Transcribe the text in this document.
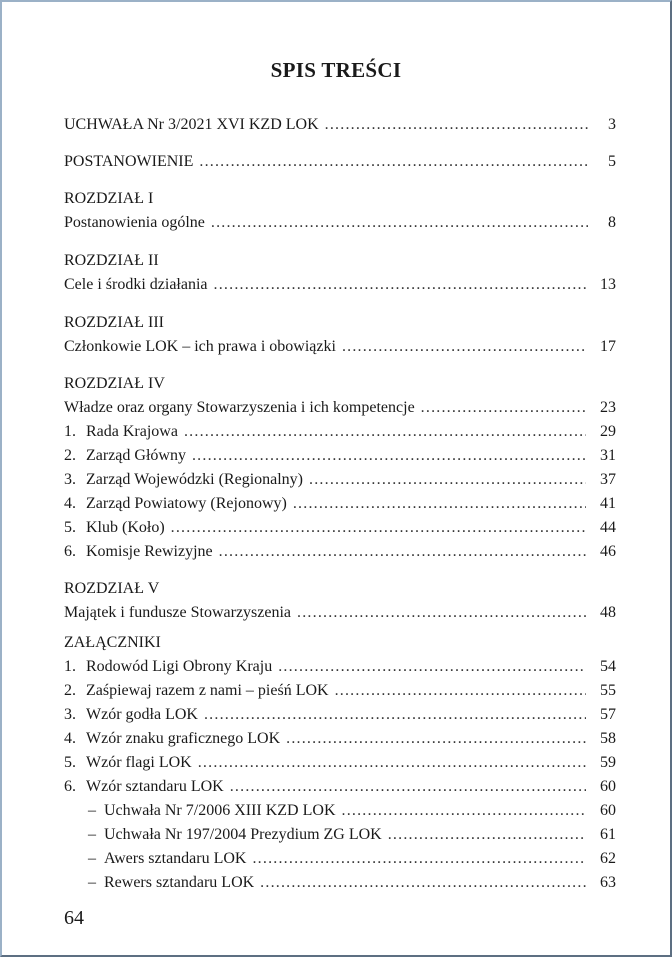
SPIS TREŚCI
UCHWAŁA Nr 3/2021 XVI KZD LOK .....	3
POSTANOWIENIE .....	5
ROZDZIAŁ I
Postanowienia ogólne .....	8
ROZDZIAŁ II
Cele i środki działania .....	13
ROZDZIAŁ III
Członkowie LOK – ich prawa i obowiązki .....	17
ROZDZIAŁ IV
Władze oraz organy Stowarzyszenia i ich kompetencje .....	23
1. Rada Krajowa .....	29
2. Zarząd Główny .....	31
3. Zarząd Wojewódzki (Regionalny) .....	37
4. Zarząd Powiatowy (Rejonowy) .....	41
5. Klub (Koło) .....	44
6. Komisje Rewizyjne .....	46
ROZDZIAŁ V
Majątek i fundusze Stowarzyszenia .....	48
ZAŁĄCZNIKI
1. Rodowód Ligi Obrony Kraju .....	54
2. Zaśpiewaj razem z nami – pieśń LOK .....	55
3. Wzór godła LOK .....	57
4. Wzór znaku graficznego LOK .....	58
5. Wzór flagi LOK .....	59
6. Wzór sztandaru LOK .....	60
– Uchwała Nr 7/2006 XIII KZD LOK .....	60
– Uchwała Nr 197/2004 Prezydium ZG LOK .....	61
– Awers sztandaru LOK .....	62
– Rewers sztandaru LOK .....	63
64
